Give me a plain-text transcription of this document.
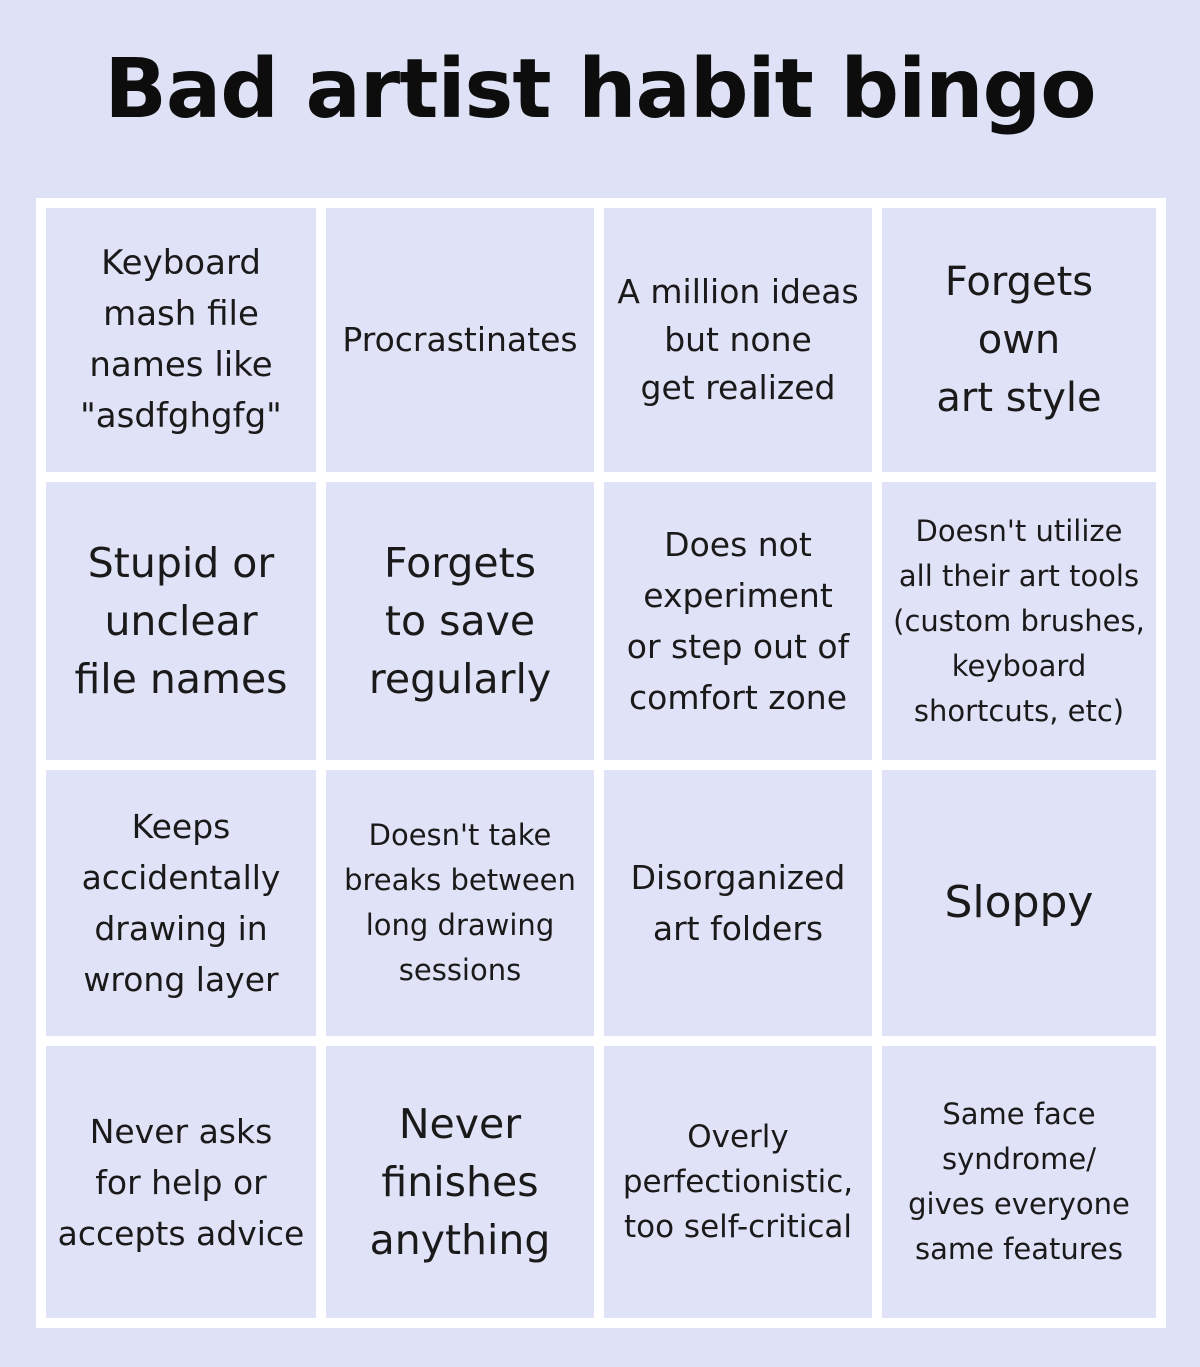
Bad artist habit bingo
Keyboard
mash file
names like
"asdfghgfg"
Procrastinates
A million ideas
but none
get realized
Forgets
own
art style
Stupid or
unclear
file names
Forgets
to save
regularly
Does not
experiment
or step out of
comfort zone
Doesn't utilize
all their art tools
(custom brushes,
keyboard
shortcuts, etc)
Keeps
accidentally
drawing in
wrong layer
Doesn't take
breaks between
long drawing
sessions
Disorganized
art folders
Sloppy
Never asks
for help or
accepts advice
Never
finishes
anything
Overly
perfectionistic,
too self-critical
Same face
syndrome/
gives everyone
same features
